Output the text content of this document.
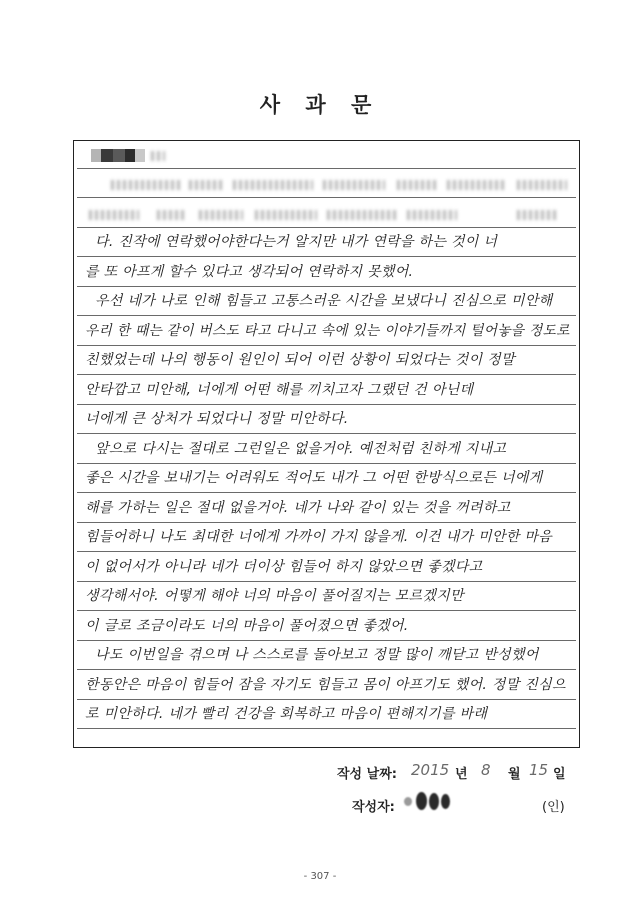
사 과 문
다. 진작에 연락했어야한다는거 알지만 내가 연락을 하는 것이 너
를 또 아프게 할수 있다고 생각되어 연락하지 못했어.
우선 네가 나로 인해 힘들고 고통스러운 시간을 보냈다니 진심으로 미안해
우리 한 때는 같이 버스도 타고 다니고 속에 있는 이야기들까지 털어놓을 정도로
친했었는데 나의 행동이 원인이 되어 이런 상황이 되었다는 것이 정말
안타깝고 미안해, 너에게 어떤 해를 끼치고자 그랬던 건 아닌데
너에게 큰 상처가 되었다니 정말 미안하다.
앞으로 다시는 절대로 그런일은 없을거야. 예전처럼 친하게 지내고
좋은 시간을 보내기는 어려워도 적어도 내가 그 어떤 한방식으로든 너에게
해를 가하는 일은 절대 없을거야. 네가 나와 같이 있는 것을 꺼려하고
힘들어하니 나도 최대한 너에게 가까이 가지 않을게. 이건 내가 미안한 마음
이 없어서가 아니라 네가 더이상 힘들어 하지 않았으면 좋겠다고
생각해서야. 어떻게 해야 너의 마음이 풀어질지는 모르겠지만
이 글로 조금이라도 너의 마음이 풀어졌으면 좋겠어.
나도 이번일을 겪으며 나 스스로를 돌아보고 정말 많이 깨닫고 반성했어
한동안은 마음이 힘들어 잠을 자기도 힘들고 몸이 아프기도 했어. 정말 진심으
로 미안하다. 네가 빨리 건강을 회복하고 마음이 편해지기를 바래
작성 날짜: 2015 년 8 월 15 일
작성자:	(인)
- 307 -
